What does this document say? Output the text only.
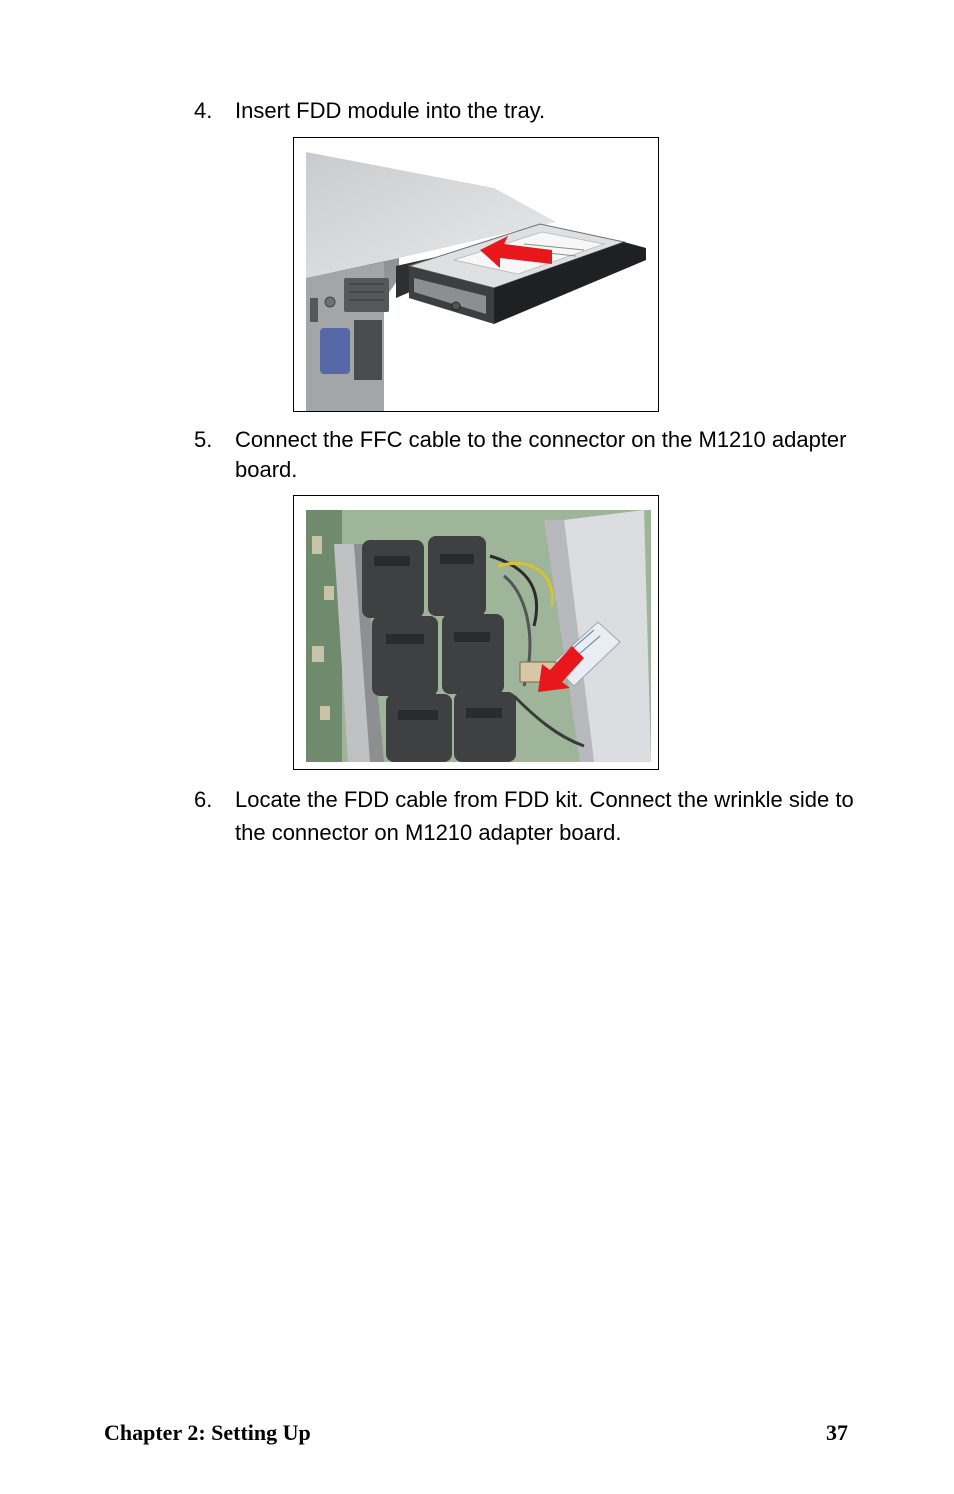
4. Insert FDD module into the tray.
5. Connect the FFC cable to the connector on the M1210 adapter board.
6. Locate the FDD cable from FDD kit. Connect the wrinkle side to the connector on M1210 adapter board.
Chapter 2: Setting Up	37
